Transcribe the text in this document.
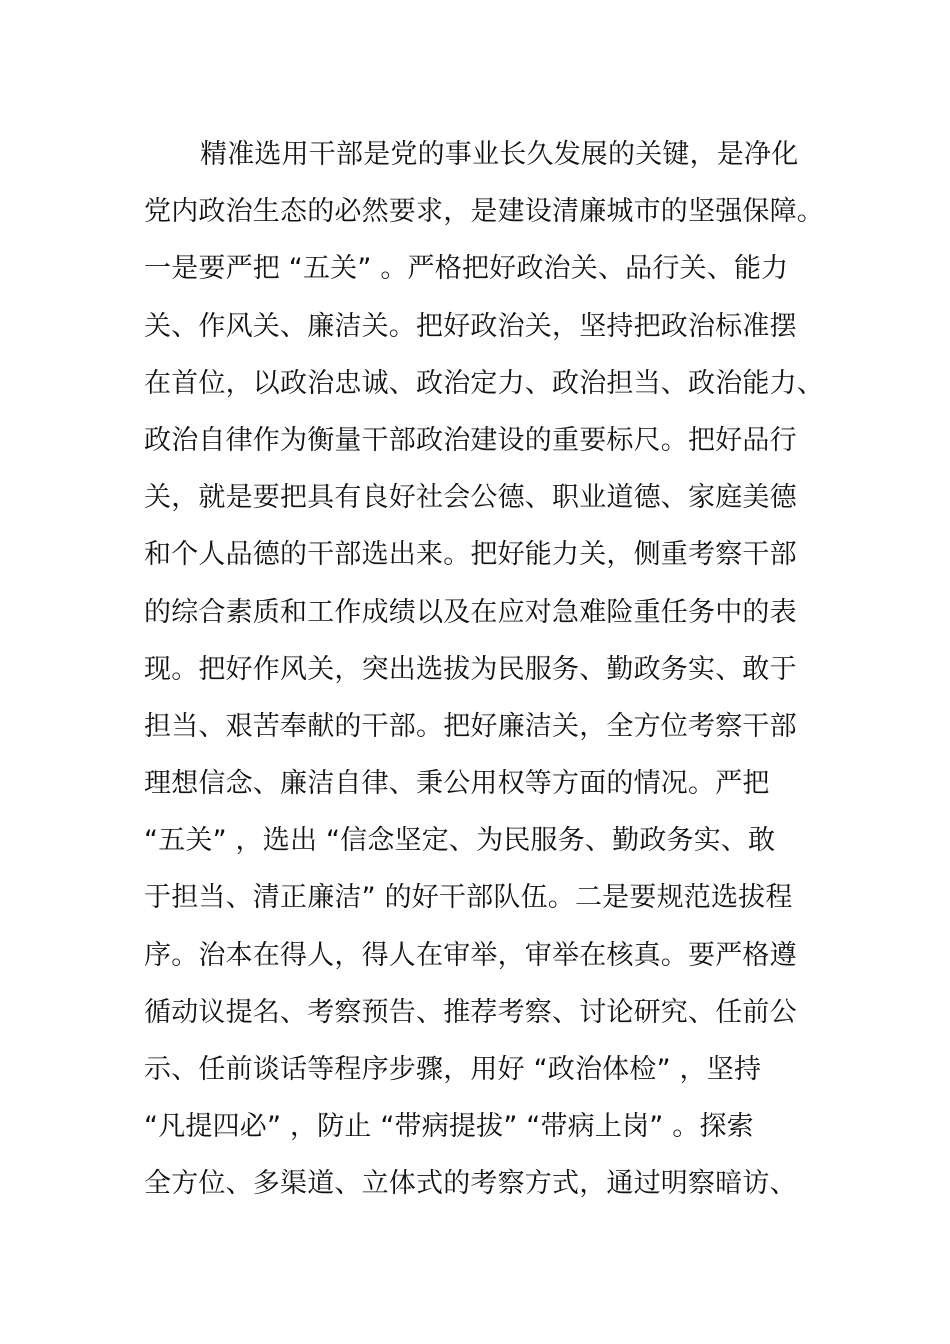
精准选用干部是党的事业长久发展的关键，是净化
党内政治生态的必然要求，是建设清廉城市的坚强保障。
一是要严把 “五关” 。严格把好政治关、品行关、能力
关、作风关、廉洁关。把好政治关，坚持把政治标准摆
在首位，以政治忠诚、政治定力、政治担当、政治能力、
政治自律作为衡量干部政治建设的重要标尺。把好品行
关，就是要把具有良好社会公德、职业道德、家庭美德
和个人品德的干部选出来。把好能力关，侧重考察干部
的综合素质和工作成绩以及在应对急难险重任务中的表
现。把好作风关，突出选拔为民服务、勤政务实、敢于
担当、艰苦奉献的干部。把好廉洁关，全方位考察干部
理想信念、廉洁自律、秉公用权等方面的情况。严把
“五关” ，选出 “信念坚定、为民服务、勤政务实、敢
于担当、清正廉洁” 的好干部队伍。二是要规范选拔程
序。治本在得人，得人在审举，审举在核真。要严格遵
循动议提名、考察预告、推荐考察、讨论研究、任前公
示、任前谈话等程序步骤，用好 “政治体检” ，坚持
“凡提四必” ，防止 “带病提拔” “带病上岗” 。探索
全方位、多渠道、立体式的考察方式，通过明察暗访、
